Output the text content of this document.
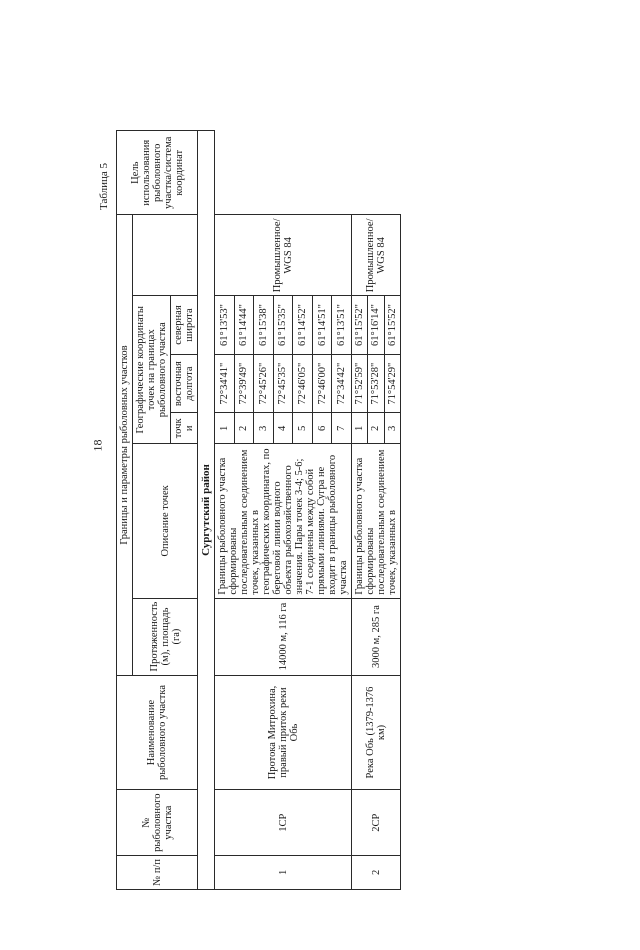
18
Таблица 5
№ п/п	№ рыболовного участка	Наименование рыболовного участка	Границы и параметры рыболовных участков						Цель использования рыболовного участка/система координат
			Протяженность (м), площадь (га)	Описание точек	Географические координаты точек на границах рыболовного участка				
					точк и	восточная долгота	северная широта		
Сургутский район									
1	1СР	Протока Митрохина, правый приток реки Обь	14000 м, 116 га	Границы рыболовного участка сформированы последовательным соединением точек, указанных в географических координатах, по береговой линии водного объекта рыбохозяйственного значения. Пары точек 3-4; 5-6; 7-1 соединены между собой прямыми линиями. Сугра не входит в границы рыболовного участка	1	72°34'41"	61°13'53"	Промышленное/ WGS 84	
					2	72°39'49"	61°14'44"		
					3	72°45'26"	61°15'38"		
					4	72°45'35"	61°15'35"		
					5	72°46'05"	61°14'52"		
					6	72°46'00"	61°14'51"		
					7	72°34'42"	61°13'51"		
2	2СР	Река Обь (1379-1376 км)	3000 м, 285 га	Границы рыболовного участка сформированы последовательным соединением точек, указанных в	1	71°52'59"	61°15'52"	Промышленное/ WGS 84	
					2	71°53'28"	61°16'14"		
					3	71°54'29"	61°15'52"		
